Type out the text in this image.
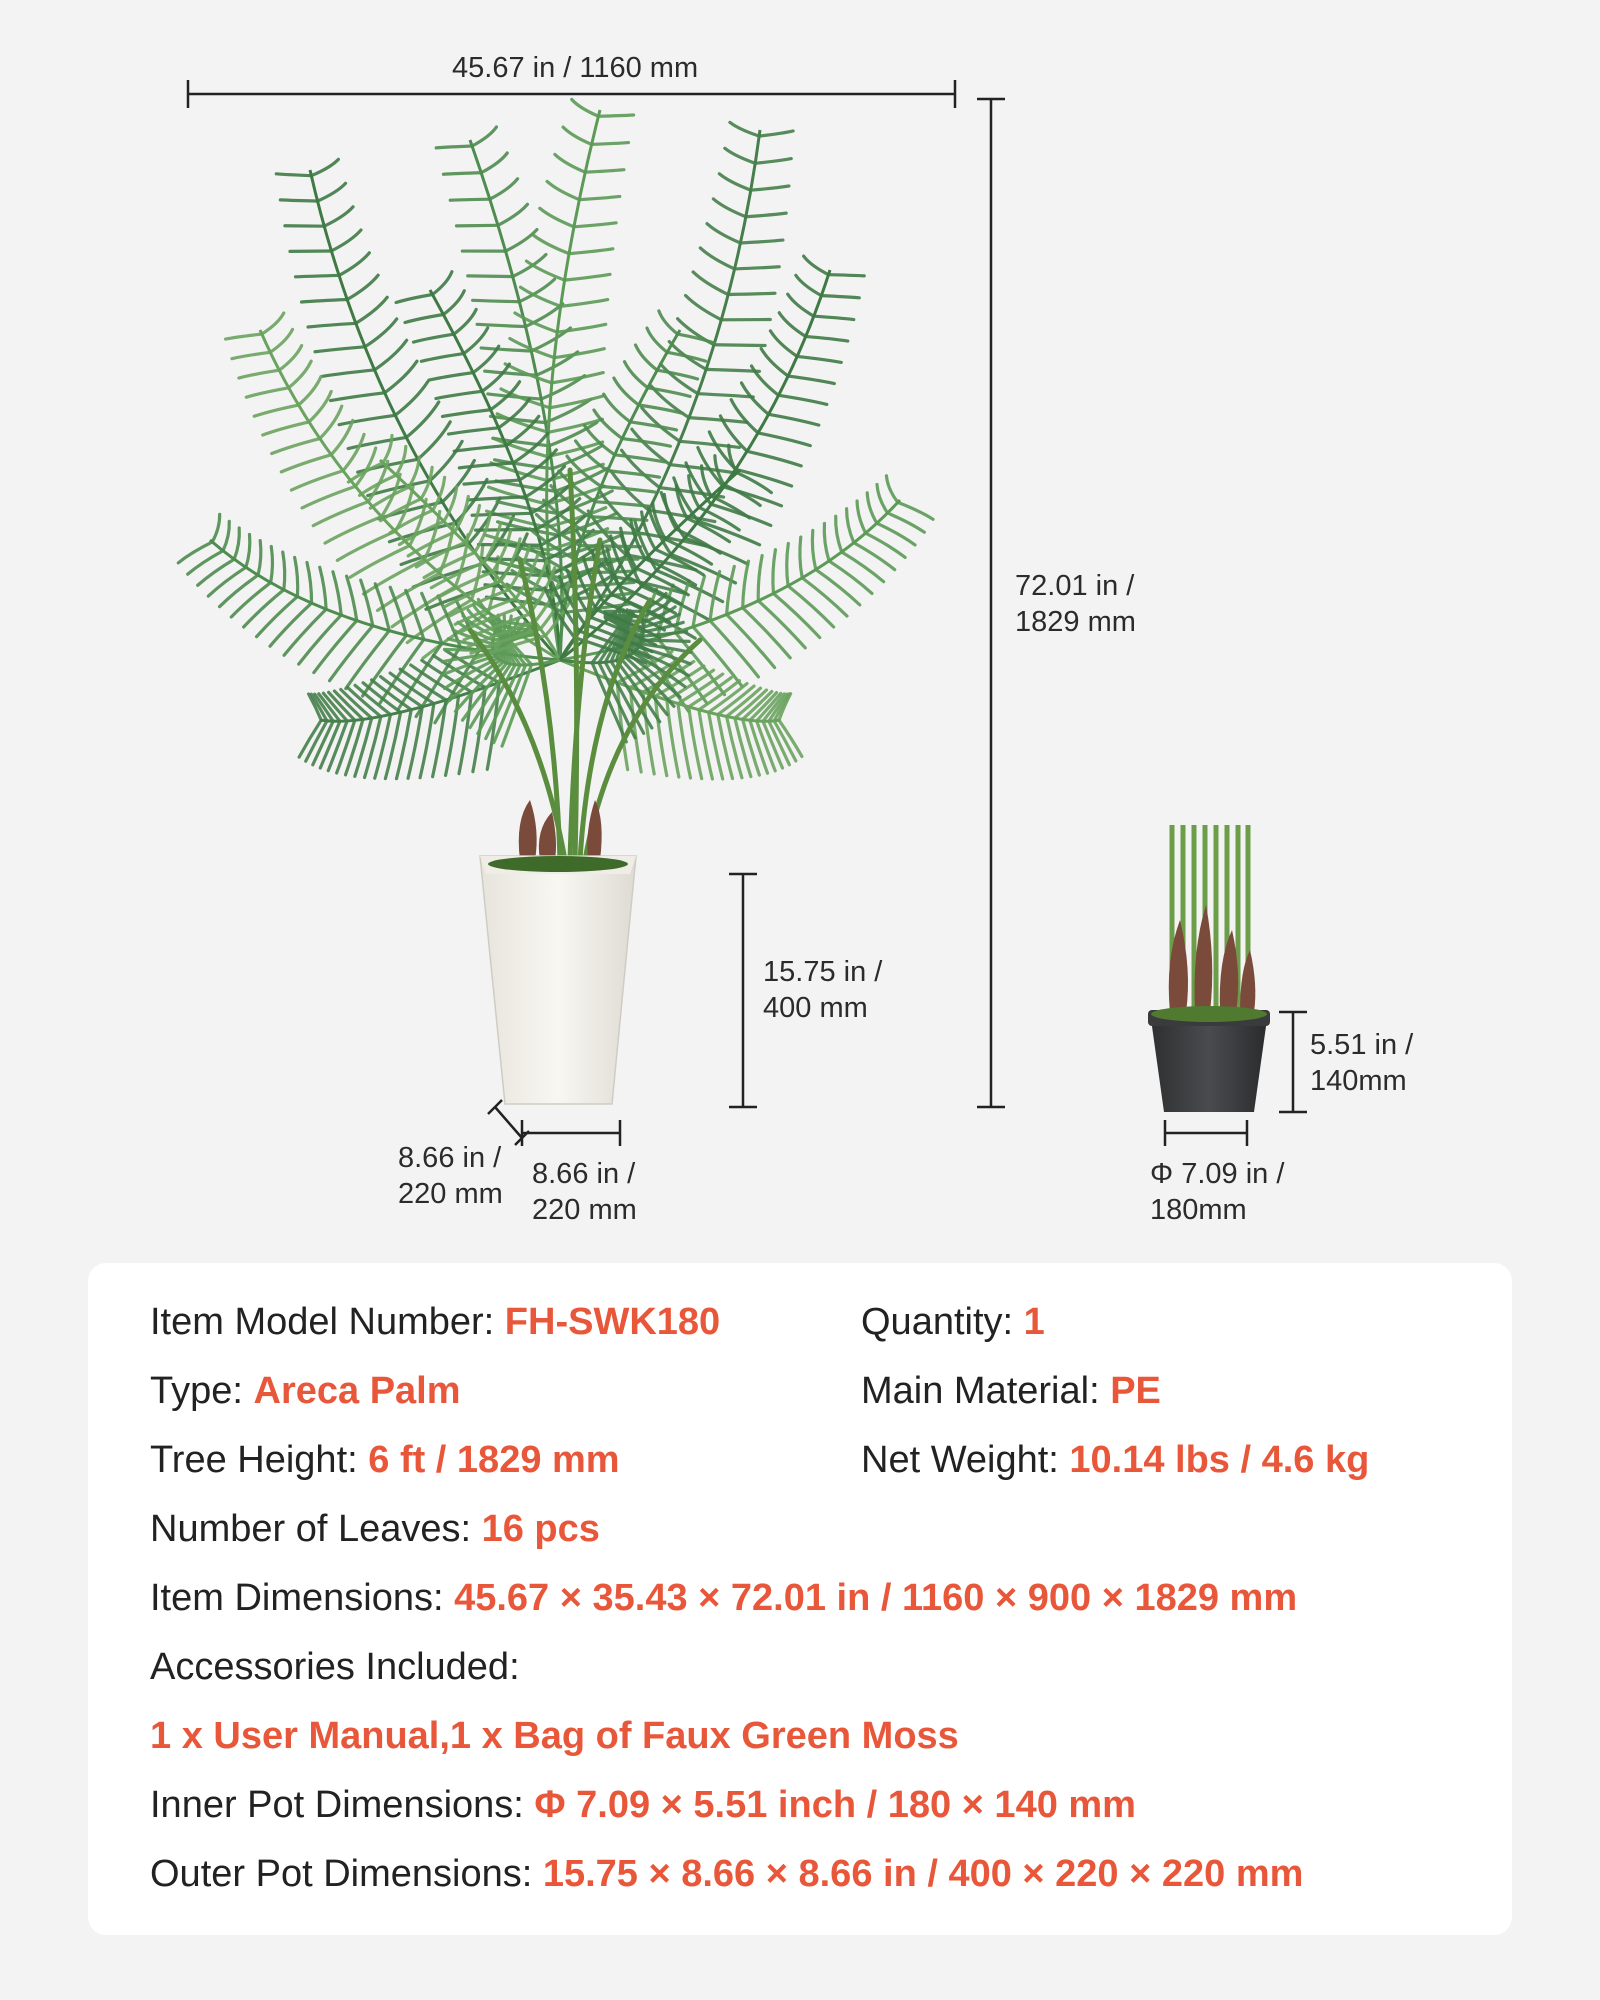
45.67 in / 1160 mm
72.01 in /
1829 mm
15.75 in /
400 mm
8.66 in /
220 mm
8.66 in /
220 mm
5.51 in /
140mm
Φ 7.09 in /
180mm
Item Model Number: FH-SWK180	Quantity: 1
Type: Areca Palm	Main Material: PE
Tree Height: 6 ft / 1829 mm	Net Weight: 10.14 lbs / 4.6 kg
Number of Leaves: 16 pcs
Item Dimensions: 45.67 × 35.43 × 72.01 in / 1160 × 900 × 1829 mm
Accessories Included:
1 x User Manual,1 x Bag of Faux Green Moss
Inner Pot Dimensions: Φ 7.09 × 5.51 inch / 180 × 140 mm
Outer Pot Dimensions: 15.75 × 8.66 × 8.66 in / 400 × 220 × 220 mm
